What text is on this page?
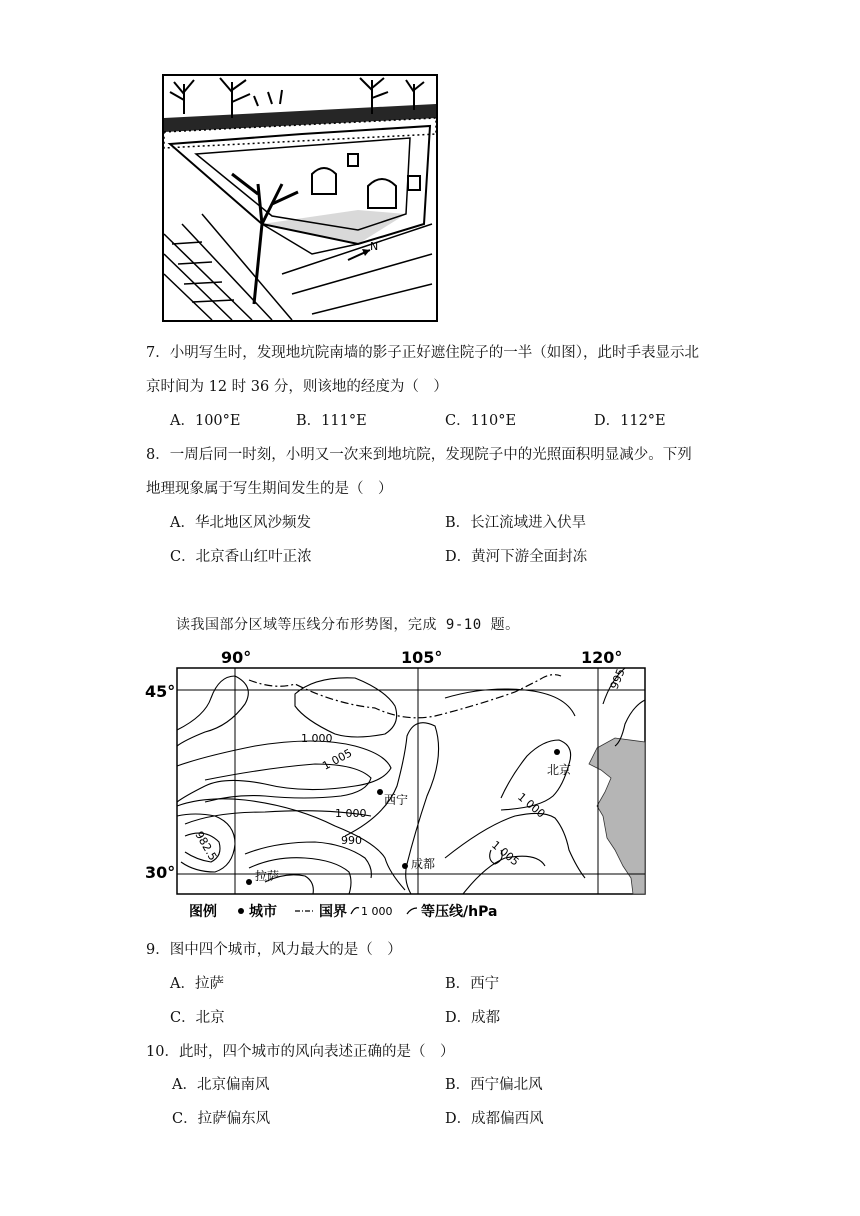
N
7．小明写生时，发现地坑院南墙的影子正好遮住院子的一半（如图），此时手表显示北
京时间为 12 时 36 分，则该地的经度为（　）
A．100°E	B．111°E	C．110°E	D．112°E
8．一周后同一时刻，小明又一次来到地坑院，发现院子中的光照面积明显减少。下列
地理现象属于写生期间发生的是（　）
A．华北地区风沙频发	B．长江流域进入伏旱
C．北京香山红叶正浓	D．黄河下游全面封冻
读我国部分区域等压线分布形势图，完成 9-10 题。
90°	105°	120°
45°
30°
995
1 000
1 005
1 000
990
982.5
1 000
1 005
北京
西宁
成都
拉萨
图例 城市	国界 1 000 等压线/hPa
9．图中四个城市，风力最大的是（　）
A．拉萨	B．西宁
C．北京	D．成都
10．此时，四个城市的风向表述正确的是（　）
A．北京偏南风	B．西宁偏北风
C．拉萨偏东风	D．成都偏西风
